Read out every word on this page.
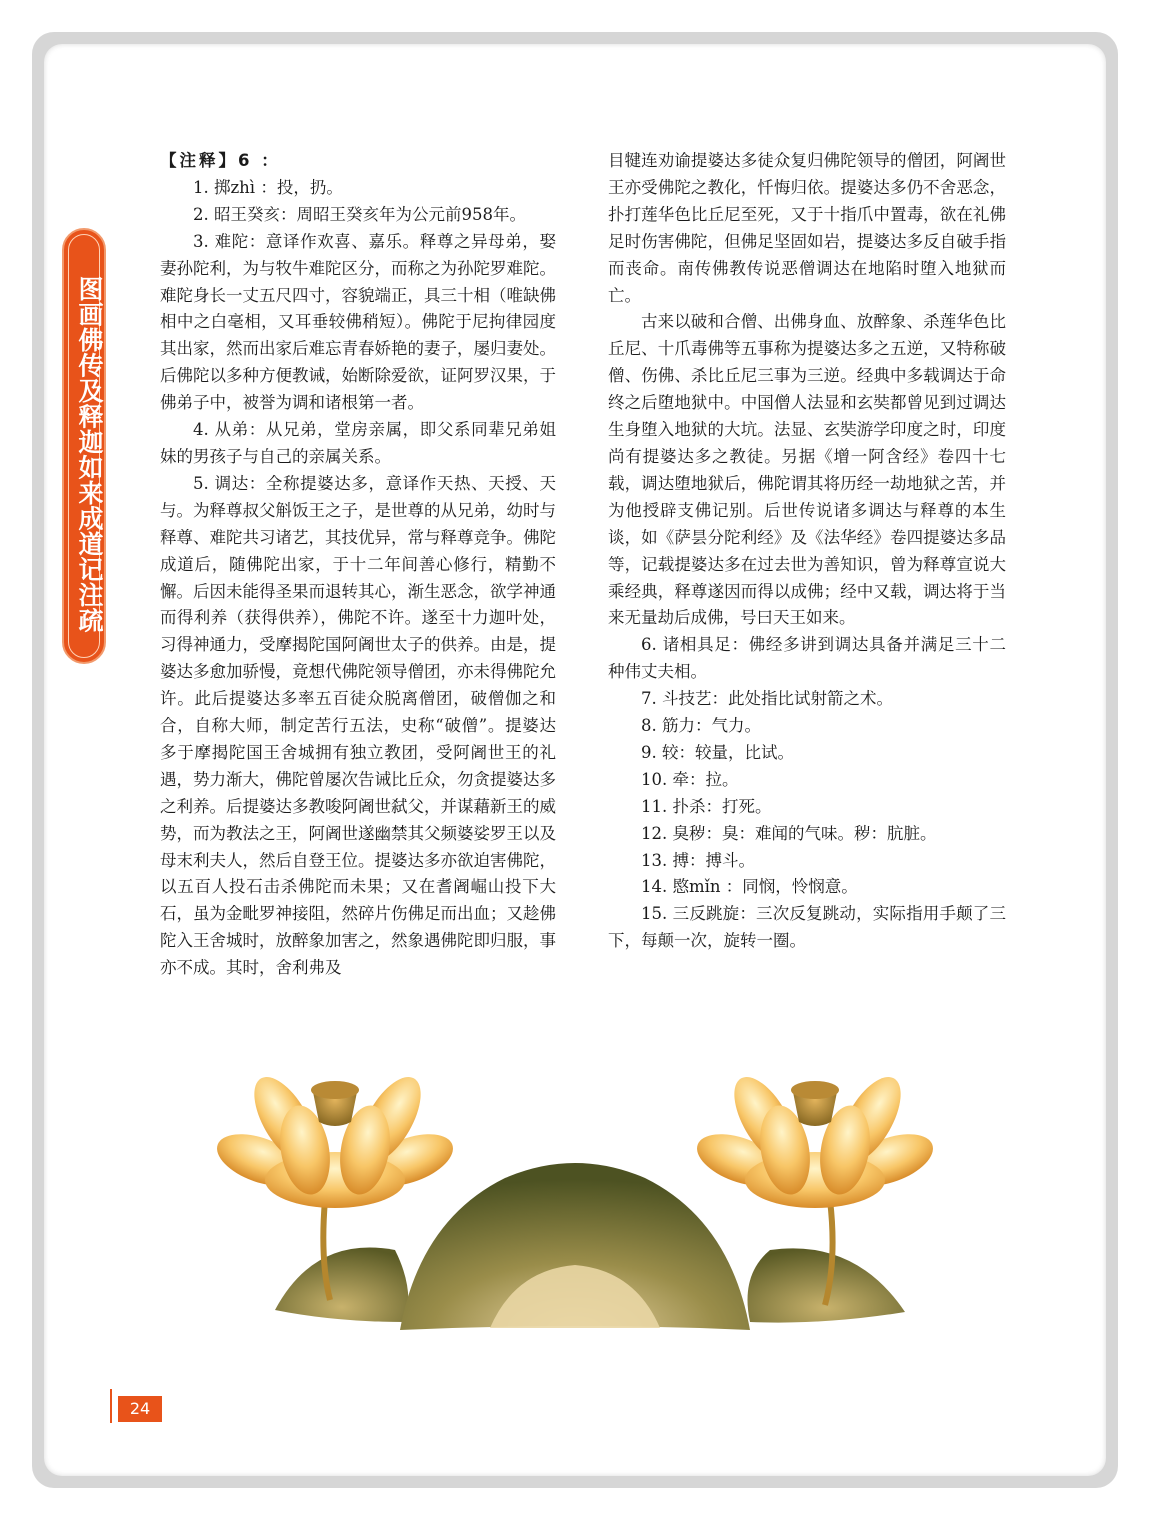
图画佛传及释迦如来成道记注疏

【注释】6 ：

1. 掷zhì ：投，扔。

2. 昭王癸亥：周昭王癸亥年为公元前958年。

3. 难陀：意译作欢喜、嘉乐。释尊之异母弟，娶妻孙陀利，为与牧牛难陀区分，而称之为孙陀罗难陀。难陀身长一丈五尺四寸，容貌端正，具三十相（唯缺佛相中之白毫相，又耳垂较佛稍短）。佛陀于尼拘律园度其出家，然而出家后难忘青春娇艳的妻子，屡归妻处。后佛陀以多种方便教诫，始断除爱欲，证阿罗汉果，于佛弟子中，被誉为调和诸根第一者。

4. 从弟：从兄弟，堂房亲属，即父系同辈兄弟姐妹的男孩子与自己的亲属关系。

5. 调达：全称提婆达多，意译作天热、天授、天与。为释尊叔父斛饭王之子，是世尊的从兄弟，幼时与释尊、难陀共习诸艺，其技优异，常与释尊竞争。佛陀成道后，随佛陀出家，于十二年间善心修行，精勤不懈。后因未能得圣果而退转其心，渐生恶念，欲学神通而得利养（获得供养），佛陀不许。遂至十力迦叶处，习得神通力，受摩揭陀国阿阇世太子的供养。由是，提婆达多愈加骄慢，竟想代佛陀领导僧团，亦未得佛陀允许。此后提婆达多率五百徒众脱离僧团，破僧伽之和合，自称大师，制定苦行五法，史称“破僧”。提婆达多于摩揭陀国王舍城拥有独立教团，受阿阇世王的礼遇，势力渐大，佛陀曾屡次告诫比丘众，勿贪提婆达多之利养。后提婆达多教唆阿阇世弑父，并谋藉新王的威势，而为教法之王，阿阇世遂幽禁其父频婆娑罗王以及母末利夫人，然后自登王位。提婆达多亦欲迫害佛陀，以五百人投石击杀佛陀而未果；又在耆阇崛山投下大石，虽为金毗罗神接阻，然碎片伤佛足而出血；又趁佛陀入王舍城时，放醉象加害之，然象遇佛陀即归服，事亦不成。其时，舍利弗及

目犍连劝谕提婆达多徒众复归佛陀领导的僧团，阿阇世王亦受佛陀之教化，忏悔归依。提婆达多仍不舍恶念，扑打莲华色比丘尼至死，又于十指爪中置毒，欲在礼佛足时伤害佛陀，但佛足坚固如岩，提婆达多反自破手指而丧命。南传佛教传说恶僧调达在地陷时堕入地狱而亡。

古来以破和合僧、出佛身血、放醉象、杀莲华色比丘尼、十爪毒佛等五事称为提婆达多之五逆，又特称破僧、伤佛、杀比丘尼三事为三逆。经典中多载调达于命终之后堕地狱中。中国僧人法显和玄奘都曾见到过调达生身堕入地狱的大坑。法显、玄奘游学印度之时，印度尚有提婆达多之教徒。另据《增一阿含经》卷四十七载，调达堕地狱后，佛陀谓其将历经一劫地狱之苦，并为他授辟支佛记别。后世传说诸多调达与释尊的本生谈，如《萨昙分陀利经》及《法华经》卷四提婆达多品等，记载提婆达多在过去世为善知识，曾为释尊宣说大乘经典，释尊遂因而得以成佛；经中又载，调达将于当来无量劫后成佛，号曰天王如来。

6. 诸相具足：佛经多讲到调达具备并满足三十二种伟丈夫相。

7. 斗技艺：此处指比试射箭之术。

8. 筋力：气力。

9. 较：较量，比试。

10. 牵：拉。

11. 扑杀：打死。

12. 臭秽：臭：难闻的气味。秽：肮脏。

13. 搏：搏斗。

14. 愍mǐn ：同悯，怜悯意。

15. 三反跳旋：三次反复跳动，实际指用手颠了三下，每颠一次，旋转一圈。

24
